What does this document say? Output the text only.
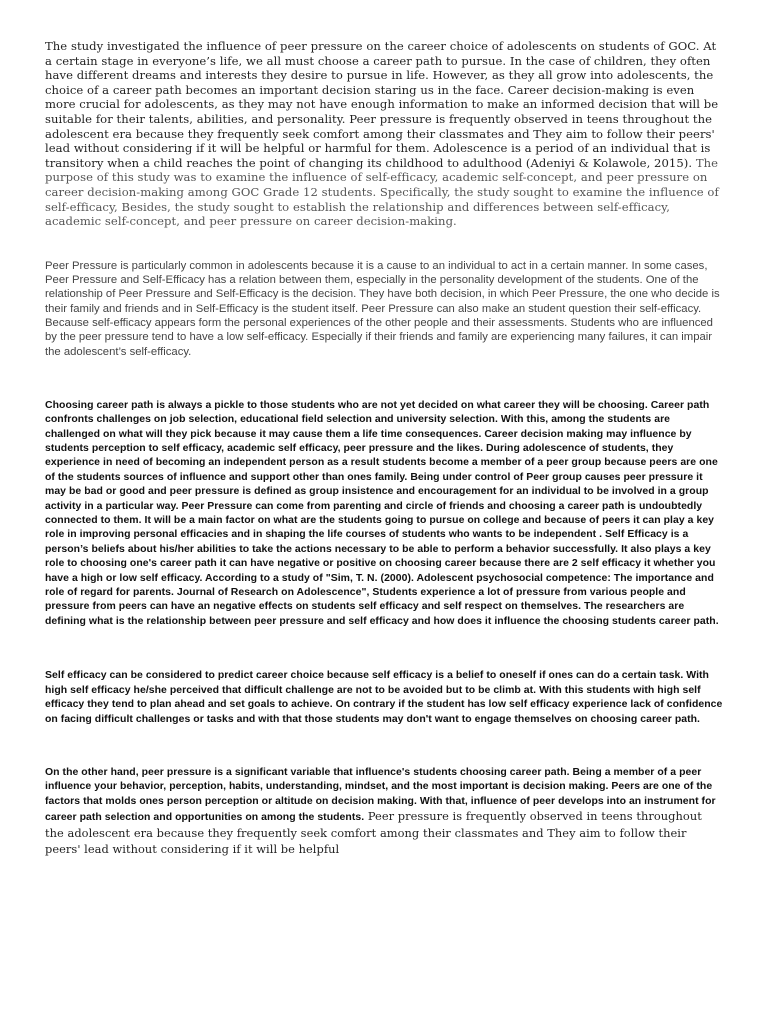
The study investigated the influence of peer pressure on the career choice of adolescents on students of GOC. At a certain stage in everyone’s life, we all must choose a career path to pursue. In the case of children, they often have different dreams and interests they desire to pursue in life. However, as they all grow into adolescents, the choice of a career path becomes an important decision staring us in the face. Career decision-making is even more crucial for adolescents, as they may not have enough information to make an informed decision that will be suitable for their talents, abilities, and personality. Peer pressure is frequently observed in teens throughout the adolescent era because they frequently seek comfort among their classmates and They aim to follow their peers' lead without considering if it will be helpful or harmful for them. Adolescence is a period of an individual that is transitory when a child reaches the point of changing its childhood to adulthood (Adeniyi & Kolawole, 2015). The purpose of this study was to examine the influence of self-efficacy, academic self-concept, and peer pressure on career decision-making among GOC Grade 12 students. Specifically, the study sought to examine the influence of self-efficacy, Besides, the study sought to establish the relationship and differences between self-efficacy, academic self-concept, and peer pressure on career decision-making.

Peer Pressure is particularly common in adolescents because it is a cause to an individual to act in a certain manner. In some cases, Peer Pressure and Self-Efficacy has a relation between them, especially in the personality development of the students. One of the relationship of Peer Pressure and Self-Efficacy is the decision. They have both decision, in which Peer Pressure, the one who decide is their family and friends and in Self-Efficacy is the student itself. Peer Pressure can also make an student question their self-efficacy. Because self-efficacy appears form the personal experiences of the other people and their assessments. Students who are influenced by the peer pressure tend to have a low self-efficacy. Especially if their friends and family are experiencing many failures, it can impair the adolescent’s self-efficacy.

Choosing career path is always a pickle to those students who are not yet decided on what career they will be choosing. Career path confronts challenges on job selection, educational field selection and university selection. With this, among the students are challenged on what will they pick because it may cause them a life time consequences. Career decision making may influence by students perception to self efficacy, academic self efficacy, peer pressure and the likes. During adolescence of students, they experience in need of becoming an independent person as a result students become a member of a peer group because peers are one of the students sources of influence and support other than ones family. Being under control of Peer group causes peer pressure it may be bad or good and peer pressure is defined as group insistence and encouragement for an individual to be involved in a group activity in a particular way. Peer Pressure can come from parenting and circle of friends and choosing a career path is undoubtedly connected to them. It will be a main factor on what are the students going to pursue on college and because of peers it can play a key role in improving personal efficacies and in shaping the life courses of students who wants to be independent . Self Efficacy is a person’s beliefs about his/her abilities to take the actions necessary to be able to perform a behavior successfully. It also plays a key role to choosing one's career path it can have negative or positive on choosing career because there are 2 self efficacy it whether you have a high or low self efficacy. According to a study of "Sim, T. N. (2000). Adolescent psychosocial competence: The importance and role of regard for parents. Journal of Research on Adolescence", Students experience a lot of pressure from various people and pressure from peers can have an negative effects on students self efficacy and self respect on themselves. The researchers are defining what is the relationship between peer pressure and self efficacy and how does it influence the choosing students career path.

Self efficacy can be considered to predict career choice because self efficacy is a belief to oneself if ones can do a certain task. With high self efficacy he/she perceived that difficult challenge are not to be avoided but to be climb at. With this students with high self efficacy they tend to plan ahead and set goals to achieve. On contrary if the student has low self efficacy experience lack of confidence on facing difficult challenges or tasks and with that those students may don't want to engage themselves on choosing career path.

On the other hand, peer pressure is a significant variable that influence's students choosing career path. Being a member of a peer influence your behavior, perception, habits, understanding, mindset, and the most important is decision making. Peers are one of the factors that molds ones person perception or altitude on decision making. With that, influence of peer develops into an instrument for career path selection and opportunities on among the students. Peer pressure is frequently observed in teens throughout the adolescent era because they frequently seek comfort among their classmates and They aim to follow their peers' lead without considering if it will be helpful
